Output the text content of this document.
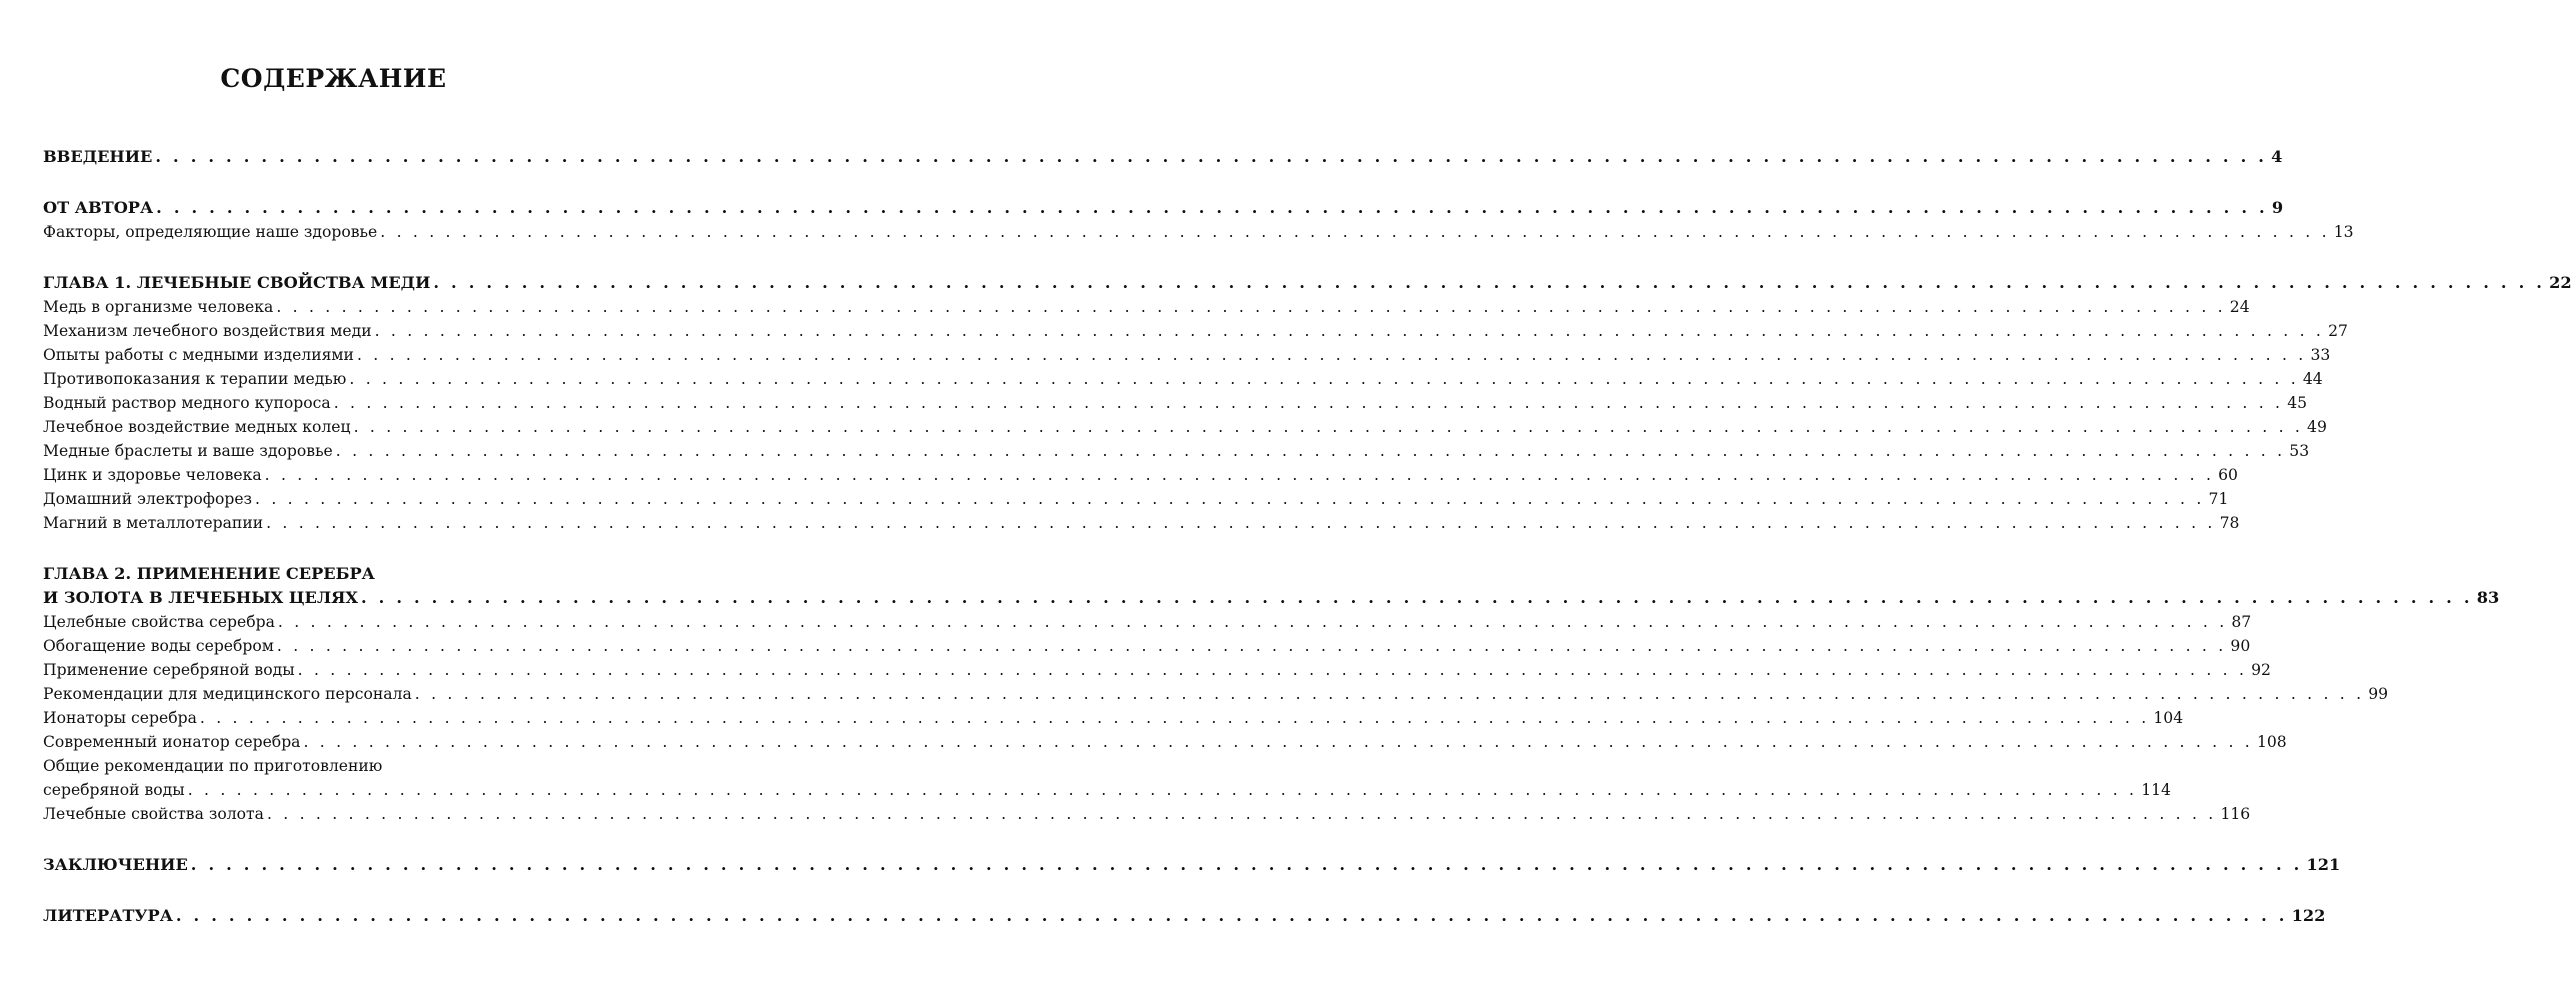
СОДЕРЖАНИЕ
ВВЕДЕНИЕ . . . . . . . . . . . . . . . . . . . . . . . . . . . . . . . . . . . . . . . . . . . . . . . . . . . . . . . . . . . . . . . . . . . . . . . . . . . . . . . . . . . . . . . . . . . . . . . . . . . . . . . . . . . . . . . . . . . . . . . . 4
ОТ АВТОРА . . . . . . . . . . . . . . . . . . . . . . . . . . . . . . . . . . . . . . . . . . . . . . . . . . . . . . . . . . . . . . . . . . . . . . . . . . . . . . . . . . . . . . . . . . . . . . . . . . . . . . . . . . . . . . . . . . . . . . . . 9
Факторы, определяющие наше здоровье . . . . . . . . . . . . . . . . . . . . . . . . . . . . . . . . . . . . . . . . . . . . . . . . . . . . . . . . . . . . . . . . . . . . . . . . . . . . . . . . . . . . . . . . . . . . . . . . . . . . . . . . . . . . . . . . . . . . . . . . 13
ГЛАВА 1. ЛЕЧЕБНЫЕ СВОЙСТВА МЕДИ . . . . . . . . . . . . . . . . . . . . . . . . . . . . . . . . . . . . . . . . . . . . . . . . . . . . . . . . . . . . . . . . . . . . . . . . . . . . . . . . . . . . . . . . . . . . . . . . . . . . . . . . . . . . . . . . . . . . . . . . 22
Медь в организме человека . . . . . . . . . . . . . . . . . . . . . . . . . . . . . . . . . . . . . . . . . . . . . . . . . . . . . . . . . . . . . . . . . . . . . . . . . . . . . . . . . . . . . . . . . . . . . . . . . . . . . . . . . . . . . . . . . . . . . . . . 24
Механизм лечебного воздействия меди . . . . . . . . . . . . . . . . . . . . . . . . . . . . . . . . . . . . . . . . . . . . . . . . . . . . . . . . . . . . . . . . . . . . . . . . . . . . . . . . . . . . . . . . . . . . . . . . . . . . . . . . . . . . . . . . . . . . . . . . 27
Опыты работы с медными изделиями . . . . . . . . . . . . . . . . . . . . . . . . . . . . . . . . . . . . . . . . . . . . . . . . . . . . . . . . . . . . . . . . . . . . . . . . . . . . . . . . . . . . . . . . . . . . . . . . . . . . . . . . . . . . . . . . . . . . . . . . 33
Противопоказания к терапии медью . . . . . . . . . . . . . . . . . . . . . . . . . . . . . . . . . . . . . . . . . . . . . . . . . . . . . . . . . . . . . . . . . . . . . . . . . . . . . . . . . . . . . . . . . . . . . . . . . . . . . . . . . . . . . . . . . . . . . . . . 44
Водный раствор медного купороса . . . . . . . . . . . . . . . . . . . . . . . . . . . . . . . . . . . . . . . . . . . . . . . . . . . . . . . . . . . . . . . . . . . . . . . . . . . . . . . . . . . . . . . . . . . . . . . . . . . . . . . . . . . . . . . . . . . . . . . . 45
Лечебное воздействие медных колец . . . . . . . . . . . . . . . . . . . . . . . . . . . . . . . . . . . . . . . . . . . . . . . . . . . . . . . . . . . . . . . . . . . . . . . . . . . . . . . . . . . . . . . . . . . . . . . . . . . . . . . . . . . . . . . . . . . . . . . . 49
Медные браслеты и ваше здоровье . . . . . . . . . . . . . . . . . . . . . . . . . . . . . . . . . . . . . . . . . . . . . . . . . . . . . . . . . . . . . . . . . . . . . . . . . . . . . . . . . . . . . . . . . . . . . . . . . . . . . . . . . . . . . . . . . . . . . . . . 53
Цинк и здоровье человека . . . . . . . . . . . . . . . . . . . . . . . . . . . . . . . . . . . . . . . . . . . . . . . . . . . . . . . . . . . . . . . . . . . . . . . . . . . . . . . . . . . . . . . . . . . . . . . . . . . . . . . . . . . . . . . . . . . . . . . . 60
Домашний электрофорез . . . . . . . . . . . . . . . . . . . . . . . . . . . . . . . . . . . . . . . . . . . . . . . . . . . . . . . . . . . . . . . . . . . . . . . . . . . . . . . . . . . . . . . . . . . . . . . . . . . . . . . . . . . . . . . . . . . . . . . . 71
Магний в металлотерапии . . . . . . . . . . . . . . . . . . . . . . . . . . . . . . . . . . . . . . . . . . . . . . . . . . . . . . . . . . . . . . . . . . . . . . . . . . . . . . . . . . . . . . . . . . . . . . . . . . . . . . . . . . . . . . . . . . . . . . . . 78
ГЛАВА 2. ПРИМЕНЕНИЕ СЕРЕБРА
И ЗОЛОТА В ЛЕЧЕБНЫХ ЦЕЛЯХ . . . . . . . . . . . . . . . . . . . . . . . . . . . . . . . . . . . . . . . . . . . . . . . . . . . . . . . . . . . . . . . . . . . . . . . . . . . . . . . . . . . . . . . . . . . . . . . . . . . . . . . . . . . . . . . . . . . . . . . . 83
Целебные свойства серебра . . . . . . . . . . . . . . . . . . . . . . . . . . . . . . . . . . . . . . . . . . . . . . . . . . . . . . . . . . . . . . . . . . . . . . . . . . . . . . . . . . . . . . . . . . . . . . . . . . . . . . . . . . . . . . . . . . . . . . . . 87
Обогащение воды серебром . . . . . . . . . . . . . . . . . . . . . . . . . . . . . . . . . . . . . . . . . . . . . . . . . . . . . . . . . . . . . . . . . . . . . . . . . . . . . . . . . . . . . . . . . . . . . . . . . . . . . . . . . . . . . . . . . . . . . . . . 90
Применение серебряной воды . . . . . . . . . . . . . . . . . . . . . . . . . . . . . . . . . . . . . . . . . . . . . . . . . . . . . . . . . . . . . . . . . . . . . . . . . . . . . . . . . . . . . . . . . . . . . . . . . . . . . . . . . . . . . . . . . . . . . . . . 92
Рекомендации для медицинского персонала . . . . . . . . . . . . . . . . . . . . . . . . . . . . . . . . . . . . . . . . . . . . . . . . . . . . . . . . . . . . . . . . . . . . . . . . . . . . . . . . . . . . . . . . . . . . . . . . . . . . . . . . . . . . . . . . . . . . . . . . 99
Ионаторы серебра . . . . . . . . . . . . . . . . . . . . . . . . . . . . . . . . . . . . . . . . . . . . . . . . . . . . . . . . . . . . . . . . . . . . . . . . . . . . . . . . . . . . . . . . . . . . . . . . . . . . . . . . . . . . . . . . . . . . . . . . 104
Современный ионатор серебра . . . . . . . . . . . . . . . . . . . . . . . . . . . . . . . . . . . . . . . . . . . . . . . . . . . . . . . . . . . . . . . . . . . . . . . . . . . . . . . . . . . . . . . . . . . . . . . . . . . . . . . . . . . . . . . . . . . . . . . . 108
Общие рекомендации по приготовлению
серебряной воды . . . . . . . . . . . . . . . . . . . . . . . . . . . . . . . . . . . . . . . . . . . . . . . . . . . . . . . . . . . . . . . . . . . . . . . . . . . . . . . . . . . . . . . . . . . . . . . . . . . . . . . . . . . . . . . . . . . . . . . . 114
Лечебные свойства золота . . . . . . . . . . . . . . . . . . . . . . . . . . . . . . . . . . . . . . . . . . . . . . . . . . . . . . . . . . . . . . . . . . . . . . . . . . . . . . . . . . . . . . . . . . . . . . . . . . . . . . . . . . . . . . . . . . . . . . . . 116
ЗАКЛЮЧЕНИЕ . . . . . . . . . . . . . . . . . . . . . . . . . . . . . . . . . . . . . . . . . . . . . . . . . . . . . . . . . . . . . . . . . . . . . . . . . . . . . . . . . . . . . . . . . . . . . . . . . . . . . . . . . . . . . . . . . . . . . . . . 121
ЛИТЕРАТУРА . . . . . . . . . . . . . . . . . . . . . . . . . . . . . . . . . . . . . . . . . . . . . . . . . . . . . . . . . . . . . . . . . . . . . . . . . . . . . . . . . . . . . . . . . . . . . . . . . . . . . . . . . . . . . . . . . . . . . . . . 122
